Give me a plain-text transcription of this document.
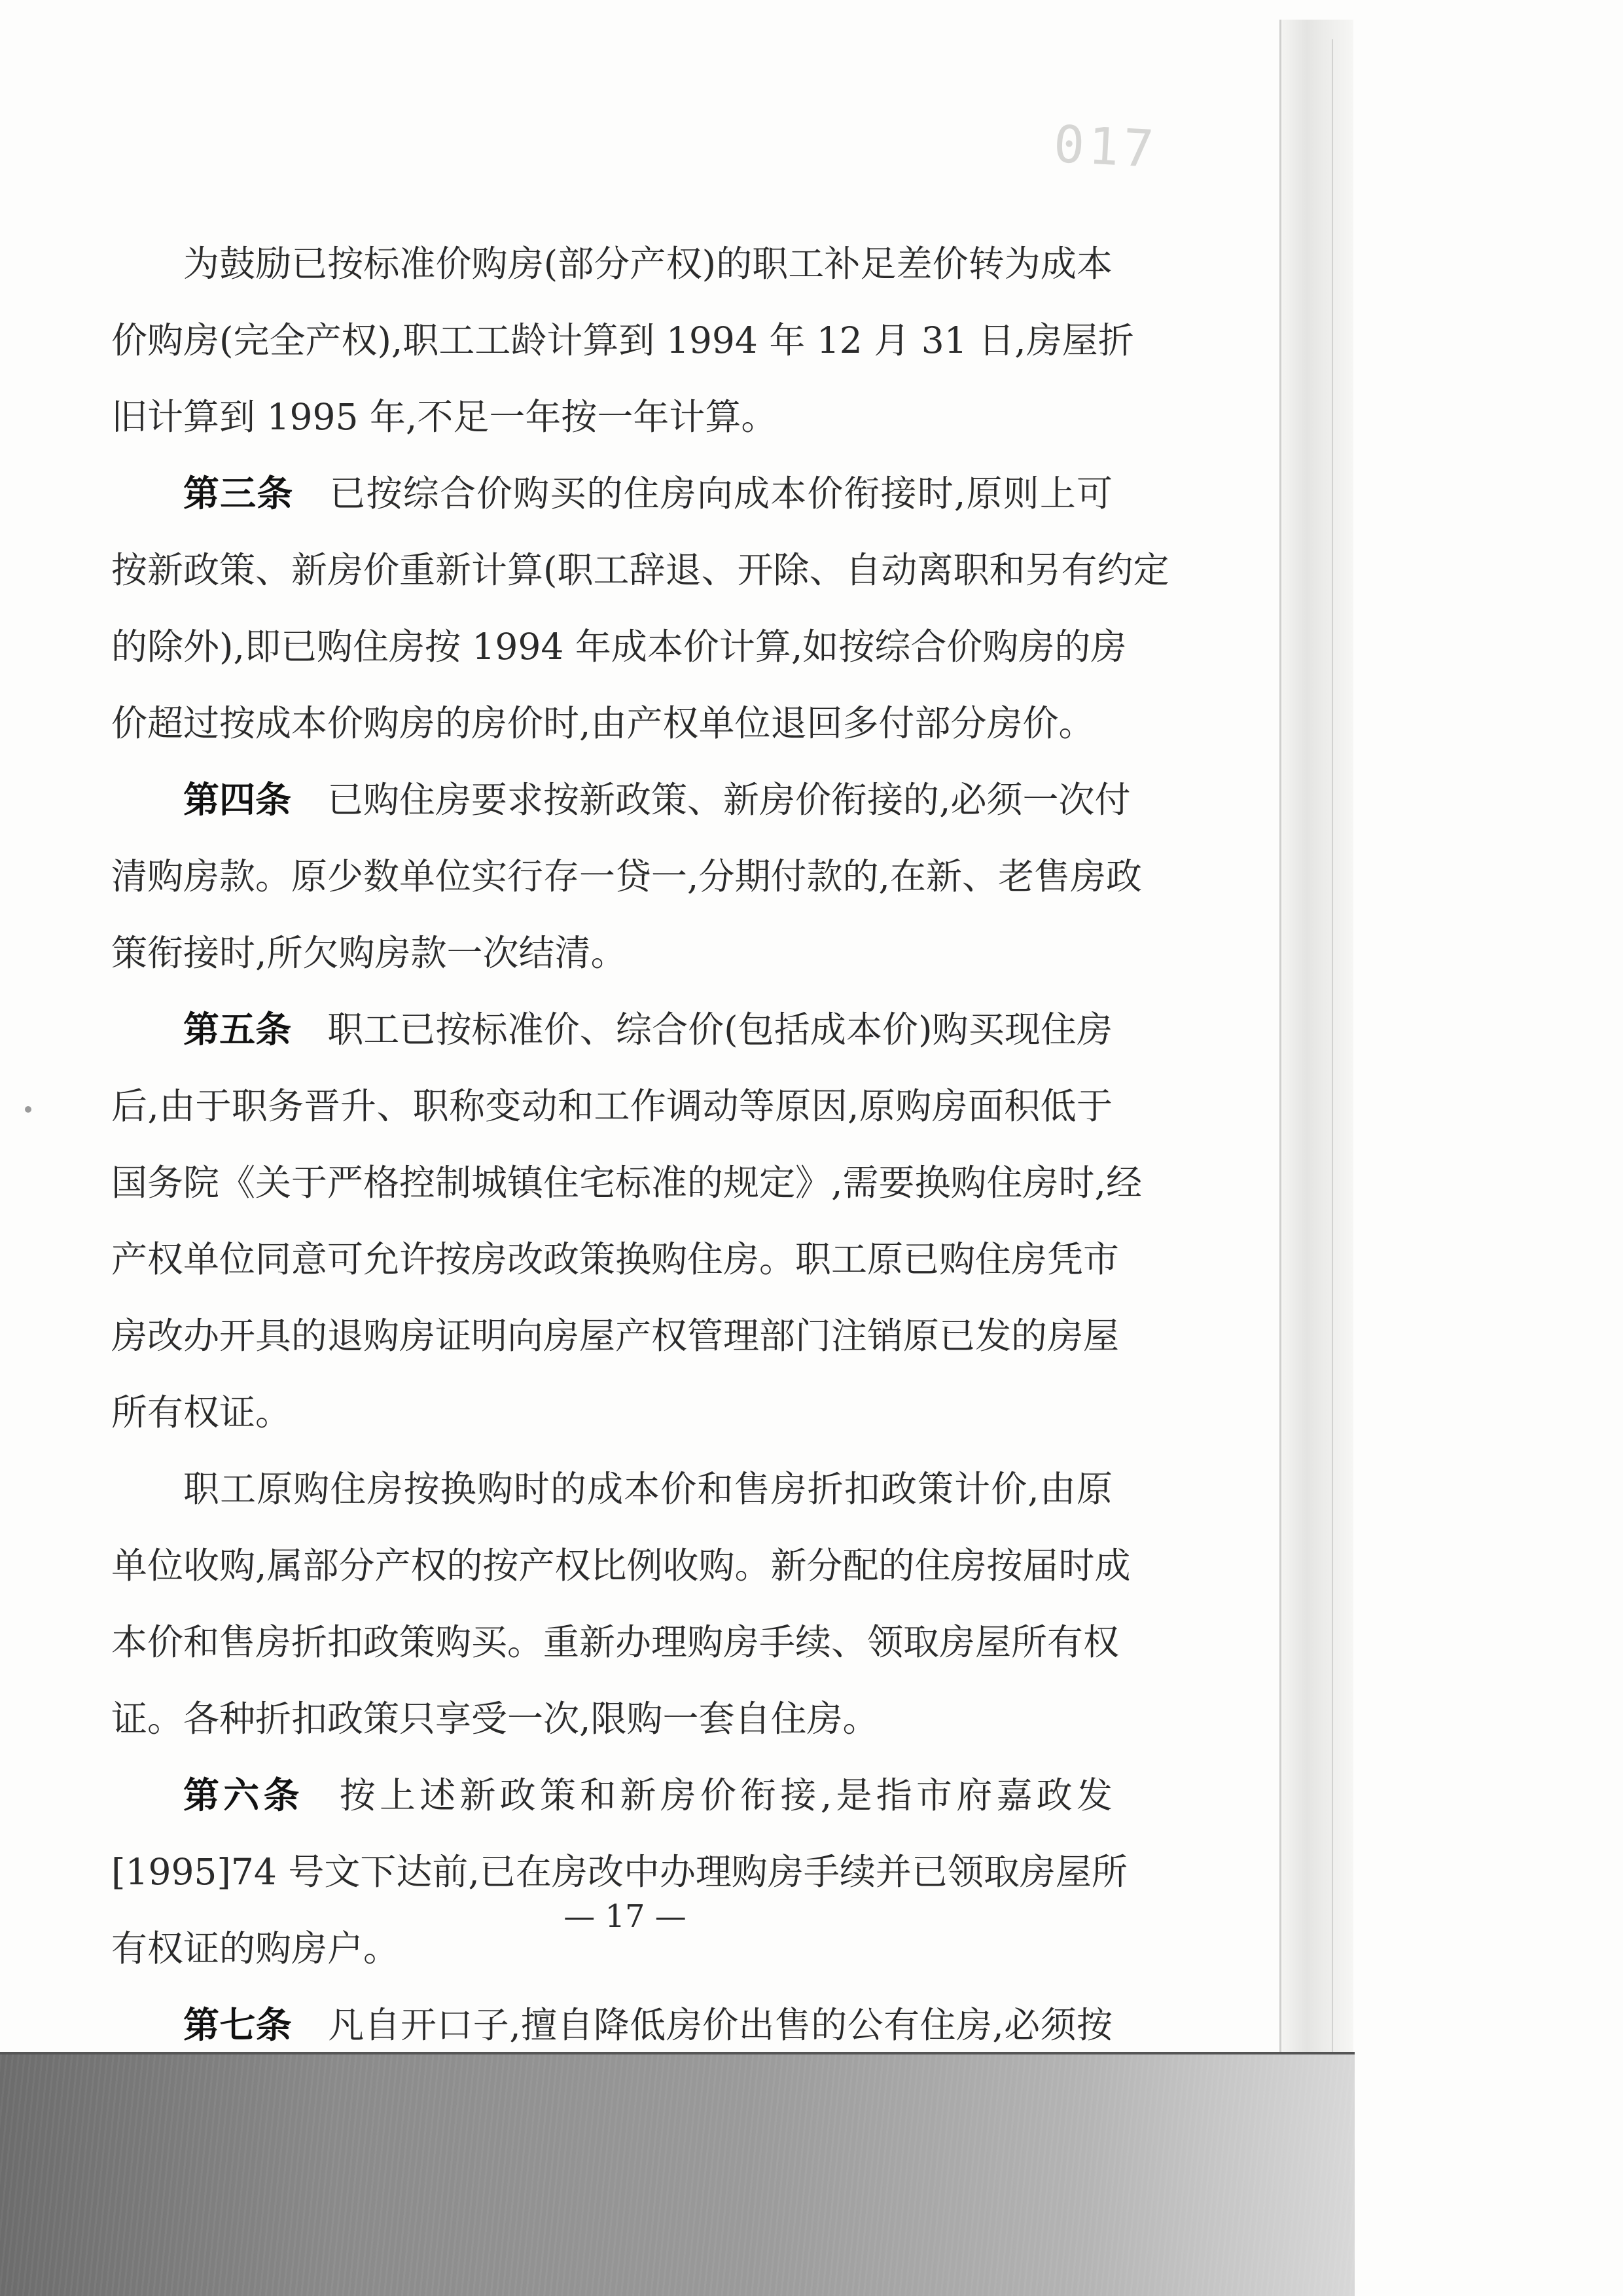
017

为鼓励已按标准价购房(部分产权)的职工补足差价转为成本
价购房(完全产权),职工工龄计算到 1994 年 12 月 31 日,房屋折
旧计算到 1995 年,不足一年按一年计算。

第三条 已按综合价购买的住房向成本价衔接时,原则上可
按新政策、新房价重新计算(职工辞退、开除、自动离职和另有约定
的除外),即已购住房按 1994 年成本价计算,如按综合价购房的房
价超过按成本价购房的房价时,由产权单位退回多付部分房价。

第四条 已购住房要求按新政策、新房价衔接的,必须一次付
清购房款。原少数单位实行存一贷一,分期付款的,在新、老售房政
策衔接时,所欠购房款一次结清。

第五条 职工已按标准价、综合价(包括成本价)购买现住房
后,由于职务晋升、职称变动和工作调动等原因,原购房面积低于
国务院《关于严格控制城镇住宅标准的规定》,需要换购住房时,经
产权单位同意可允许按房改政策换购住房。职工原已购住房凭市
房改办开具的退购房证明向房屋产权管理部门注销原已发的房屋
所有权证。

职工原购住房按换购时的成本价和售房折扣政策计价,由原
单位收购,属部分产权的按产权比例收购。新分配的住房按届时成
本价和售房折扣政策购买。重新办理购房手续、领取房屋所有权
证。各种折扣政策只享受一次,限购一套自住房。

第六条 按上述新政策和新房价衔接,是指市府嘉政发
[1995]74 号文下达前,已在房改中办理购房手续并已领取房屋所
有权证的购房户。

第七条 凡自开口子,擅自降低房价出售的公有住房,必须按

— 17 —
